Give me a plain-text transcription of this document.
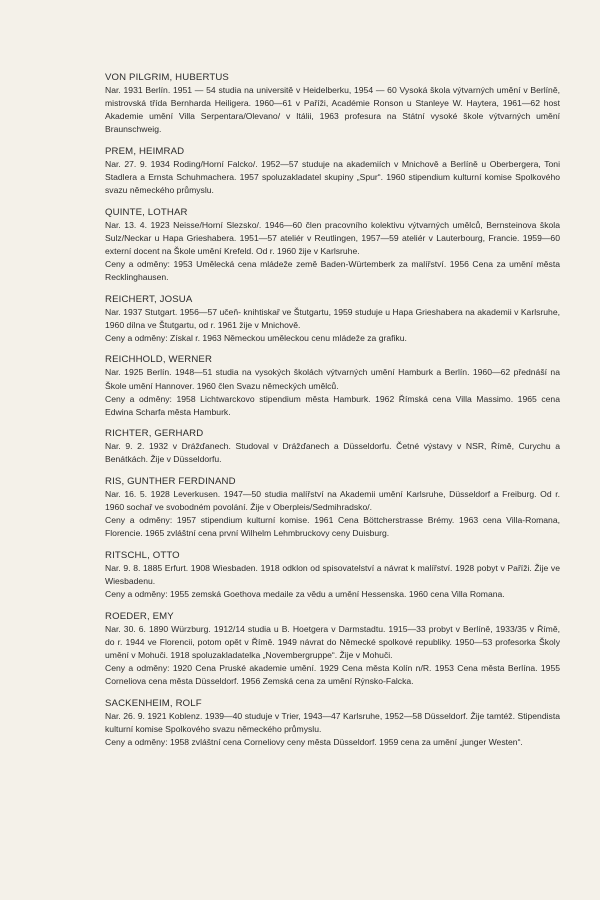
VON PILGRIM, HUBERTUS

Nar. 1931 Berlín. 1951 — 54 studia na universitě v Heidelberku, 1954 — 60 Vysoká škola výtvarných umění v Berlíně, mistrovská třída Bernharda Heiligera. 1960—61 v Paříži, Académie Ronson u Stanleye W. Haytera, 1961—62 host Akademie umění Villa Serpentara/Olevano/ v Itálii, 1963 profesura na Státní vysoké škole výtvarných umění Braunschweig.

PREM, HEIMRAD

Nar. 27. 9. 1934 Roding/Horní Falcko/. 1952—57 studuje na akademiích v Mnichově a Berlíně u Oberbergera, Toni Stadlera a Ernsta Schuhmachera. 1957 spoluzakladatel skupiny „Spur“. 1960 stipendium kulturní komise Spolkového svazu německého průmyslu.

QUINTE, LOTHAR

Nar. 13. 4. 1923 Neisse/Horní Slezsko/. 1946—60 člen pracovního kolektivu výtvarných umělců, Bernsteinova škola Sulz/Neckar u Hapa Grieshabera. 1951—57 ateliér v Reutlingen, 1957—59 ateliér v Lauterbourg, Francie. 1959—60 externí docent na Škole umění Krefeld. Od r. 1960 žije v Karlsruhe.

Ceny a odměny: 1953 Umělecká cena mládeže země Baden-Würtemberk za malířství. 1956 Cena za umění města Recklinghausen.

REICHERT, JOSUA

Nar. 1937 Stutgart. 1956—57 učeň- knihtiskař ve Štutgartu, 1959 studuje u Hapa Grieshabera na akademii v Karlsruhe, 1960 dílna ve Štutgartu, od r. 1961 žije v Mnichově.

Ceny a odměny: Získal r. 1963 Německou uměleckou cenu mládeže za grafiku.

REICHHOLD, WERNER

Nar. 1925 Berlín. 1948—51 studia na vysokých školách výtvarných umění Hamburk a Berlín. 1960—62 přednáší na Škole umění Hannover. 1960 člen Svazu německých umělců.

Ceny a odměny: 1958 Lichtwarckovo stipendium města Hamburk. 1962 Římská cena Villa Massimo. 1965 cena Edwina Scharfa města Hamburk.

RICHTER, GERHARD

Nar. 9. 2. 1932 v Drážďanech. Studoval v Drážďanech a Düsseldorfu. Četné výstavy v NSR, Římě, Curychu a Benátkách. Žije v Düsseldorfu.

RIS, GUNTHER FERDINAND

Nar. 16. 5. 1928 Leverkusen. 1947—50 studia malířství na Akademii umění Karlsruhe, Düsseldorf a Freiburg. Od r. 1960 sochař ve svobodném povolání. Žije v Oberpleis/Sedmihradsko/.

Ceny a odměny: 1957 stipendium kulturní komise. 1961 Cena Böttcherstrasse Brémy. 1963 cena Villa-Romana, Florencie. 1965 zvláštní cena první Wilhelm Lehmbruckovy ceny Duisburg.

RITSCHL, OTTO

Nar. 9. 8. 1885 Erfurt. 1908 Wiesbaden. 1918 odklon od spisovatelství a návrat k malířství. 1928 pobyt v Paříži. Žije ve Wiesbadenu.

Ceny a odměny: 1955 zemská Goethova medaile za vědu a umění Hessenska. 1960 cena Villa Romana.

ROEDER, EMY

Nar. 30. 6. 1890 Würzburg. 1912/14 studia u B. Hoetgera v Darmstadtu. 1915—33 probyt v Berlíně, 1933/35 v Římě, do r. 1944 ve Florencii, potom opět v Římě. 1949 návrat do Německé spolkové republiky. 1950—53 profesorka Školy umění v Mohuči. 1918 spoluzakladatelka „Novembergruppe“. Žije v Mohuči.

Ceny a odměny: 1920 Cena Pruské akademie umění. 1929 Cena města Kolín n/R. 1953 Cena města Berlína. 1955 Corneliova cena města Düsseldorf. 1956 Zemská cena za umění Rýnsko-Falcka.

SACKENHEIM, ROLF

Nar. 26. 9. 1921 Koblenz. 1939—40 studuje v Trier, 1943—47 Karlsruhe, 1952—58 Düsseldorf. Žije tamtéž. Stipendista kulturní komise Spolkového svazu německého průmyslu.

Ceny a odměny: 1958 zvláštní cena Corneliovy ceny města Düsseldorf. 1959 cena za umění „junger Westen“.
